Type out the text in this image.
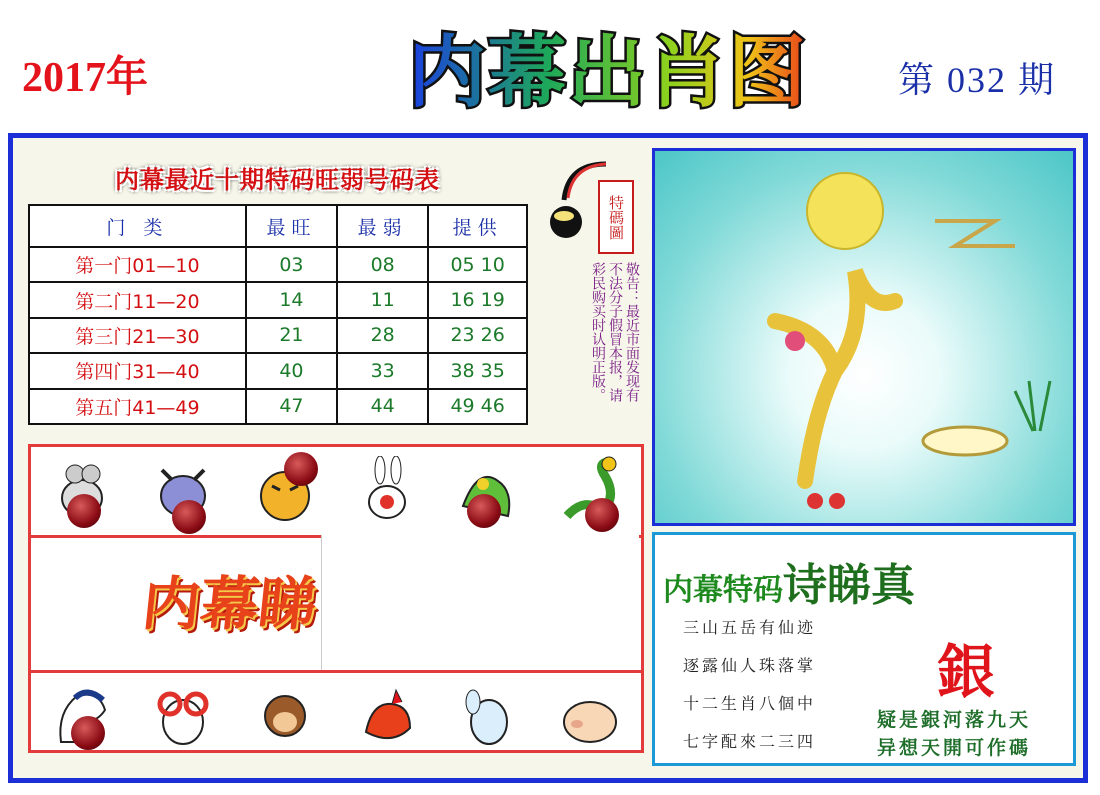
2017年	内幕出肖图 第 032 期
内幕最近十期特码旺弱号码表
门 类	最旺	最弱	提供
第一门01—10	03	08	05 10
第二门11—20	14	11	16 19
第三门21—30	21	28	23 26
第四门31—40	40	33	38 35
第五门41—49	47	44	49 46
特碼圖
敬告：最近市面发现有不法分子假冒本报，请彩民购买时认明正版。
内幕睇	内幕特码诗睇真
三山五岳有仙迹
逐露仙人珠落掌
十二生肖八個中
七字配來二三四
銀
疑是銀河落九天
异想天開可作碼
